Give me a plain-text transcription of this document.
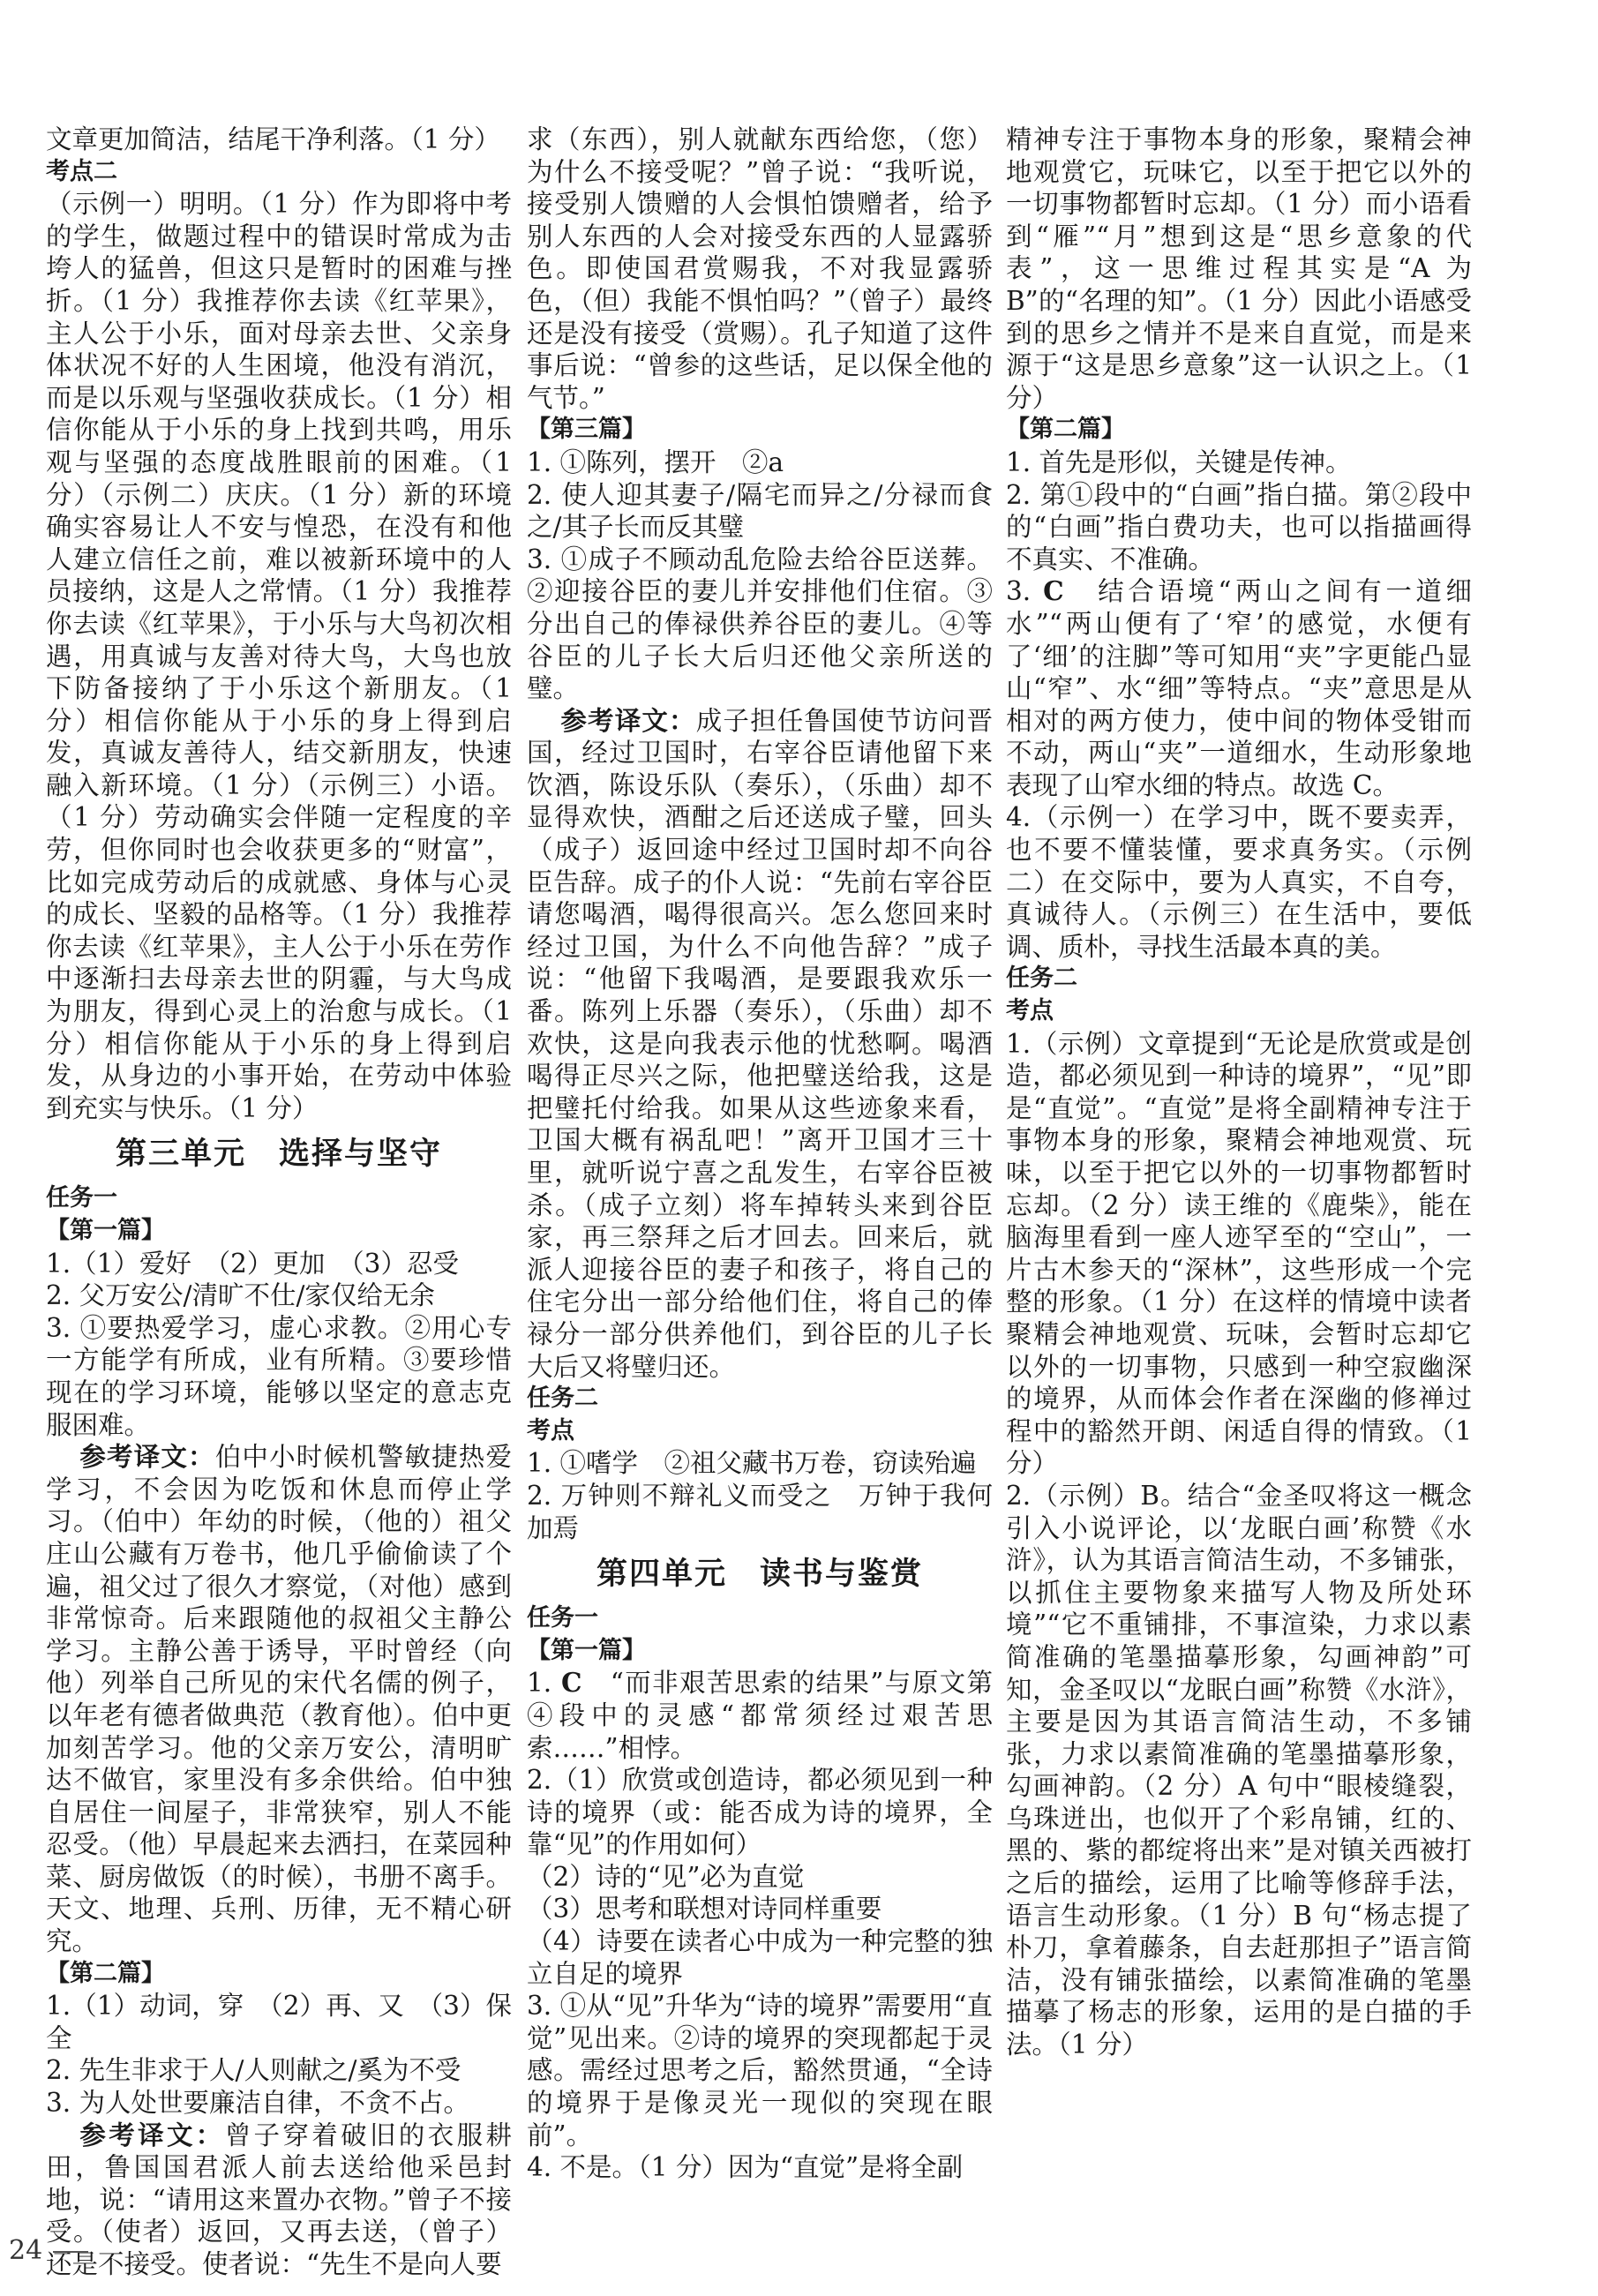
文章更加简洁，结尾干净利落。（1 分）

考点二

（示例一）明明。（1 分）作为即将中考的学生，做题过程中的错误时常成为击垮人的猛兽，但这只是暂时的困难与挫折。（1 分）我推荐你去读《红苹果》，主人公于小乐，面对母亲去世、父亲身体状况不好的人生困境，他没有消沉，而是以乐观与坚强收获成长。（1 分）相信你能从于小乐的身上找到共鸣，用乐观与坚强的态度战胜眼前的困难。（1 分）（示例二）庆庆。（1 分）新的环境确实容易让人不安与惶恐，在没有和他人建立信任之前，难以被新环境中的人员接纳，这是人之常情。（1 分）我推荐你去读《红苹果》，于小乐与大鸟初次相遇，用真诚与友善对待大鸟，大鸟也放下防备接纳了于小乐这个新朋友。（1 分）相信你能从于小乐的身上得到启发，真诚友善待人，结交新朋友，快速融入新环境。（1 分）（示例三）小语。（1 分）劳动确实会伴随一定程度的辛劳，但你同时也会收获更多的“财富”，比如完成劳动后的成就感、身体与心灵的成长、坚毅的品格等。（1 分）我推荐你去读《红苹果》，主人公于小乐在劳作中逐渐扫去母亲去世的阴霾，与大鸟成为朋友，得到心灵上的治愈与成长。（1 分）相信你能从于小乐的身上得到启发，从身边的小事开始，在劳动中体验到充实与快乐。（1 分）

第三单元　选择与坚守

任务一

【第一篇】

1.（1）爱好　（2）更加　（3）忍受

2. 父万安公/清旷不仕/家仅给无余

3. ①要热爱学习，虚心求教。②用心专一方能学有所成，业有所精。③要珍惜现在的学习环境，能够以坚定的意志克服困难。

参考译文：伯中小时候机警敏捷热爱学习，不会因为吃饭和休息而停止学习。（伯中）年幼的时候，（他的）祖父庄山公藏有万卷书，他几乎偷偷读了个遍，祖父过了很久才察觉，（对他）感到非常惊奇。后来跟随他的叔祖父主静公学习。主静公善于诱导，平时曾经（向他）列举自己所见的宋代名儒的例子，以年老有德者做典范（教育他）。伯中更加刻苦学习。他的父亲万安公，清明旷达不做官，家里没有多余供给。伯中独自居住一间屋子，非常狭窄，别人不能忍受。（他）早晨起来去洒扫，在菜园种菜、厨房做饭（的时候），书册不离手。天文、地理、兵刑、历律，无不精心研究。

【第二篇】

1.（1）动词，穿　（2）再、又　（3）保全

2. 先生非求于人/人则献之/奚为不受

3. 为人处世要廉洁自律，不贪不占。

参考译文：曾子穿着破旧的衣服耕田，鲁国国君派人前去送给他采邑封地，说：“请用这来置办衣物。”曾子不接受。（使者）返回，又再去送，（曾子）还是不接受。使者说：“先生不是向人要

求（东西），别人就献东西给您，（您）为什么不接受呢？”曾子说：“我听说，接受别人馈赠的人会惧怕馈赠者，给予别人东西的人会对接受东西的人显露骄色。即使国君赏赐我，不对我显露骄色，（但）我能不惧怕吗？”（曾子）最终还是没有接受（赏赐）。孔子知道了这件事后说：“曾参的这些话，足以保全他的气节。”

【第三篇】

1. ①陈列，摆开　②a

2. 使人迎其妻子/隔宅而异之/分禄而食之/其子长而反其璧

3. ①成子不顾动乱危险去给谷臣送葬。②迎接谷臣的妻儿并安排他们住宿。③分出自己的俸禄供养谷臣的妻儿。④等谷臣的儿子长大后归还他父亲所送的璧。

参考译文：成子担任鲁国使节访问晋国，经过卫国时，右宰谷臣请他留下来饮酒，陈设乐队（奏乐），（乐曲）却不显得欢快，酒酣之后还送成子璧，回头（成子）返回途中经过卫国时却不向谷臣告辞。成子的仆人说：“先前右宰谷臣请您喝酒，喝得很高兴。怎么您回来时经过卫国，为什么不向他告辞？”成子说：“他留下我喝酒，是要跟我欢乐一番。陈列上乐器（奏乐），（乐曲）却不欢快，这是向我表示他的忧愁啊。喝酒喝得正尽兴之际，他把璧送给我，这是把璧托付给我。如果从这些迹象来看，卫国大概有祸乱吧！”离开卫国才三十里，就听说宁喜之乱发生，右宰谷臣被杀。（成子立刻）将车掉转头来到谷臣家，再三祭拜之后才回去。回来后，就派人迎接谷臣的妻子和孩子，将自己的住宅分出一部分给他们住，将自己的俸禄分一部分供养他们，到谷臣的儿子长大后又将璧归还。

任务二

考点

1. ①嗜学　②祖父藏书万卷，窃读殆遍

2. 万钟则不辩礼义而受之　万钟于我何加焉

第四单元　读书与鉴赏

任务一

【第一篇】

1. C　“而非艰苦思索的结果”与原文第④段中的灵感“都常须经过艰苦思索……”相悖。

2.（1）欣赏或创造诗，都必须见到一种诗的境界（或：能否成为诗的境界，全靠“见”的作用如何）

（2）诗的“见”必为直觉

（3）思考和联想对诗同样重要

（4）诗要在读者心中成为一种完整的独立自足的境界

3. ①从“见”升华为“诗的境界”需要用“直觉”见出来。②诗的境界的突现都起于灵感。需经过思考之后，豁然贯通，“全诗的境界于是像灵光一现似的突现在眼前”。

4. 不是。（1 分）因为“直觉”是将全副

精神专注于事物本身的形象，聚精会神地观赏它，玩味它，以至于把它以外的一切事物都暂时忘却。（1 分）而小语看到“雁”“月”想到这是“思乡意象的代表”，这一思维过程其实是“A 为 B”的“名理的知”。（1 分）因此小语感受到的思乡之情并不是来自直觉，而是来源于“这是思乡意象”这一认识之上。（1 分）

【第二篇】

1. 首先是形似，关键是传神。

2. 第①段中的“白画”指白描。第②段中的“白画”指白费功夫，也可以指描画得不真实、不准确。

3. C　结合语境“两山之间有一道细水”“两山便有了‘窄’的感觉，水便有了‘细’的注脚”等可知用“夹”字更能凸显山“窄”、水“细”等特点。“夹”意思是从相对的两方使力，使中间的物体受钳而不动，两山“夹”一道细水，生动形象地表现了山窄水细的特点。故选 C。

4.（示例一）在学习中，既不要卖弄，也不要不懂装懂，要求真务实。（示例二）在交际中，要为人真实，不自夸，真诚待人。（示例三）在生活中，要低调、质朴，寻找生活最本真的美。

任务二

考点

1.（示例）文章提到“无论是欣赏或是创造，都必须见到一种诗的境界”，“见”即是“直觉”。“直觉”是将全副精神专注于事物本身的形象，聚精会神地观赏、玩味，以至于把它以外的一切事物都暂时忘却。（2 分）读王维的《鹿柴》，能在脑海里看到一座人迹罕至的“空山”，一片古木参天的“深林”，这些形成一个完整的形象。（1 分）在这样的情境中读者聚精会神地观赏、玩味，会暂时忘却它以外的一切事物，只感到一种空寂幽深的境界，从而体会作者在深幽的修禅过程中的豁然开朗、闲适自得的情致。（1 分）

2.（示例）B。结合“金圣叹将这一概念引入小说评论，以‘龙眠白画’称赞《水浒》，认为其语言简洁生动，不多铺张，以抓住主要物象来描写人物及所处环境”“它不重铺排，不事渲染，力求以素简准确的笔墨描摹形象，勾画神韵”可知，金圣叹以“龙眠白画”称赞《水浒》，主要是因为其语言简洁生动，不多铺张，力求以素简准确的笔墨描摹形象，勾画神韵。（2 分）A 句中“眼棱缝裂，乌珠迸出，也似开了个彩帛铺，红的、黑的、紫的都绽将出来”是对镇关西被打之后的描绘，运用了比喻等修辞手法，语言生动形象。（1 分）B 句“杨志提了朴刀，拿着藤条，自去赶那担子”语言简洁，没有铺张描绘，以素简准确的笔墨描摹了杨志的形象，运用的是白描的手法。（1 分）

24
